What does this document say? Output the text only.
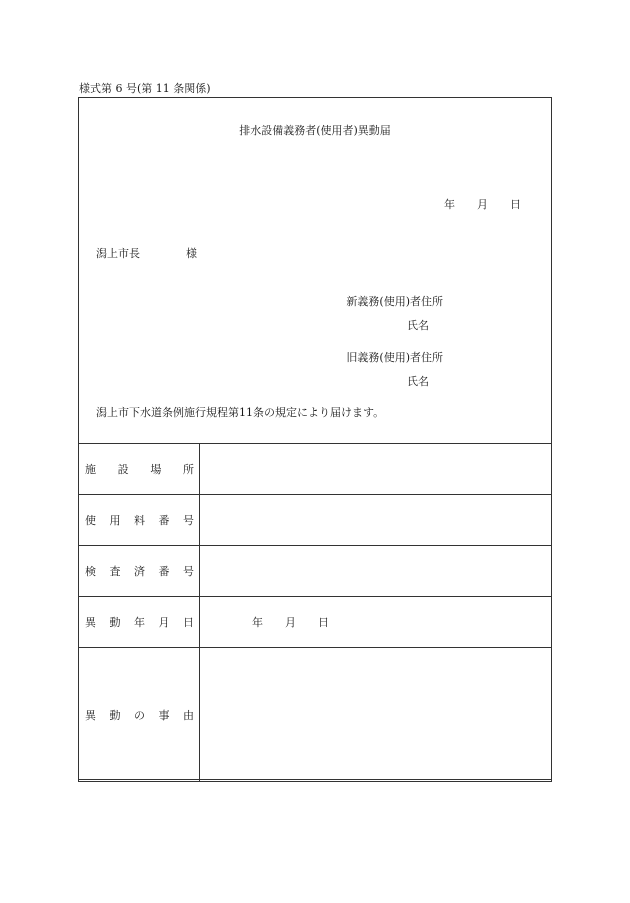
様式第 6 号(第 11 条関係)
排水設備義務者(使用者)異動届
年 月 日
潟上市長	様
新義務(使用)者住所
氏名
旧義務(使用)者住所
氏名
潟上市下水道条例施行規程第11条の規定により届けます。
施設場所	

使用料番号	

検査済番号	

異動年月日	年 月 日

異動の事由	
